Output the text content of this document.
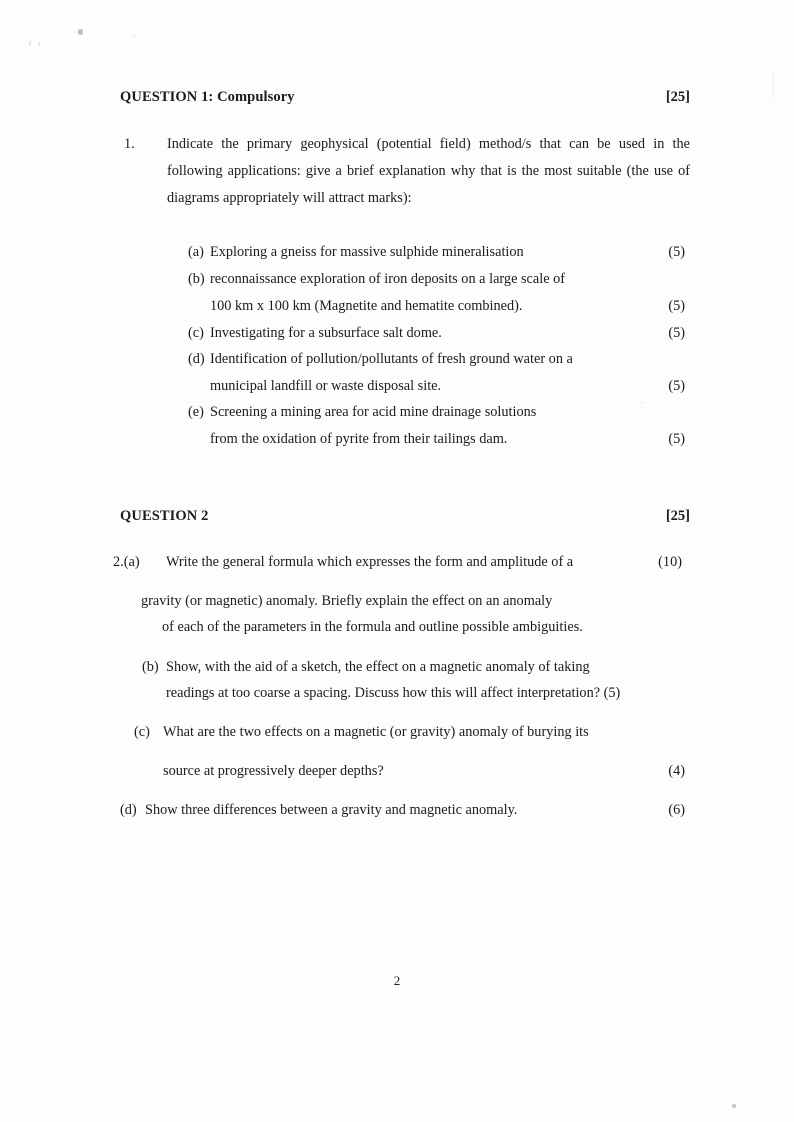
QUESTION 1: Compulsory	[25]
1. Indicate the primary geophysical (potential field) method/s that can be used in the following applications: give a brief explanation why that is the most suitable (the use of diagrams appropriately will attract marks):
(a) Exploring a gneiss for massive sulphide mineralisation	(5)
(b) reconnaissance exploration of iron deposits on a large scale of
100 km x 100 km (Magnetite and hematite combined).	(5)
(c) Investigating for a subsurface salt dome.	(5)
(d) Identification of pollution/pollutants of fresh ground water on a
municipal landfill or waste disposal site.	(5)
(e) Screening a mining area for acid mine drainage solutions
from the oxidation of pyrite from their tailings dam.	(5)
QUESTION 2	[25]
2.(a) Write the general formula which expresses the form and amplitude of a	(10)
gravity (or magnetic) anomaly. Briefly explain the effect on an anomaly
of each of the parameters in the formula and outline possible ambiguities.
(b) Show, with the aid of a sketch, the effect on a magnetic anomaly of taking
readings at too coarse a spacing. Discuss how this will affect interpretation? (5)
(c) What are the two effects on a magnetic (or gravity) anomaly of burying its
source at progressively deeper depths?	(4)
(d) Show three differences between a gravity and magnetic anomaly.	(6)
2
